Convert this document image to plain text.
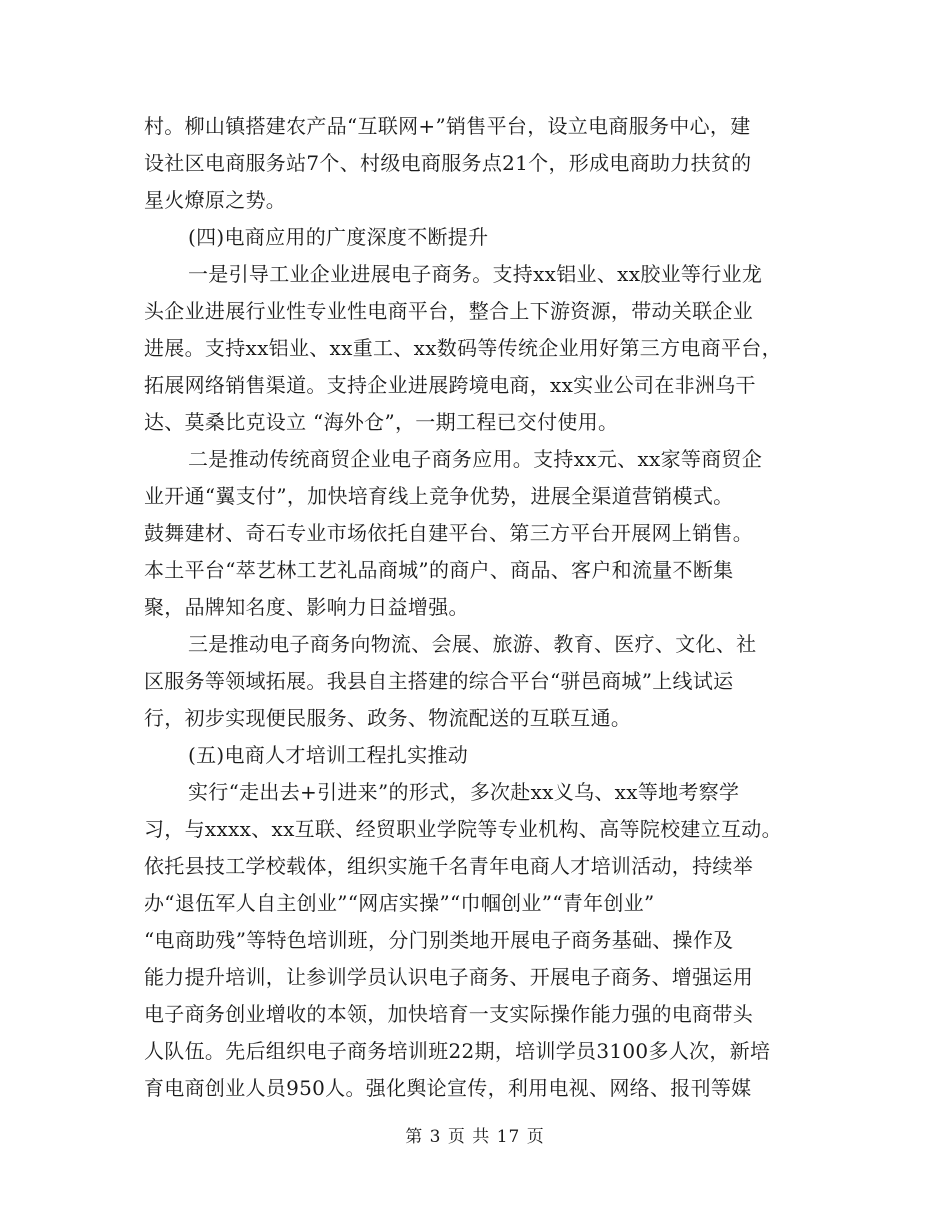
村。柳山镇搭建农产品“互联网+”销售平台，设立电商服务中心，建
设社区电商服务站7个、村级电商服务点21个，形成电商助力扶贫的
星火燎原之势。
(四)电商应用的广度深度不断提升
一是引导工业企业进展电子商务。支持xx铝业、xx胶业等行业龙
头企业进展行业性专业性电商平台，整合上下游资源，带动关联企业
进展。支持xx铝业、xx重工、xx数码等传统企业用好第三方电商平台，
拓展网络销售渠道。支持企业进展跨境电商，xx实业公司在非洲乌干
达、莫桑比克设立 “海外仓”，一期工程已交付使用。
二是推动传统商贸企业电子商务应用。支持xx元、xx家等商贸企
业开通“翼支付”，加快培育线上竞争优势，进展全渠道营销模式。
鼓舞建材、奇石专业市场依托自建平台、第三方平台开展网上销售。
本土平台“萃艺林工艺礼品商城”的商户、商品、客户和流量不断集
聚，品牌知名度、影响力日益增强。
三是推动电子商务向物流、会展、旅游、教育、医疗、文化、社
区服务等领域拓展。我县自主搭建的综合平台“骈邑商城”上线试运
行，初步实现便民服务、政务、物流配送的互联互通。
(五)电商人才培训工程扎实推动
实行“走出去+引进来”的形式，多次赴xx义乌、xx等地考察学
习，与xxxx、xx互联、经贸职业学院等专业机构、高等院校建立互动。
依托县技工学校载体，组织实施千名青年电商人才培训活动，持续举
办“退伍军人自主创业”“网店实操”“巾帼创业”“青年创业”
“电商助残”等特色培训班，分门别类地开展电子商务基础、操作及
能力提升培训，让参训学员认识电子商务、开展电子商务、增强运用
电子商务创业增收的本领，加快培育一支实际操作能力强的电商带头
人队伍。先后组织电子商务培训班22期，培训学员3100多人次，新培
育电商创业人员950人。强化舆论宣传，利用电视、网络、报刊等媒
第 3 页 共 17 页
